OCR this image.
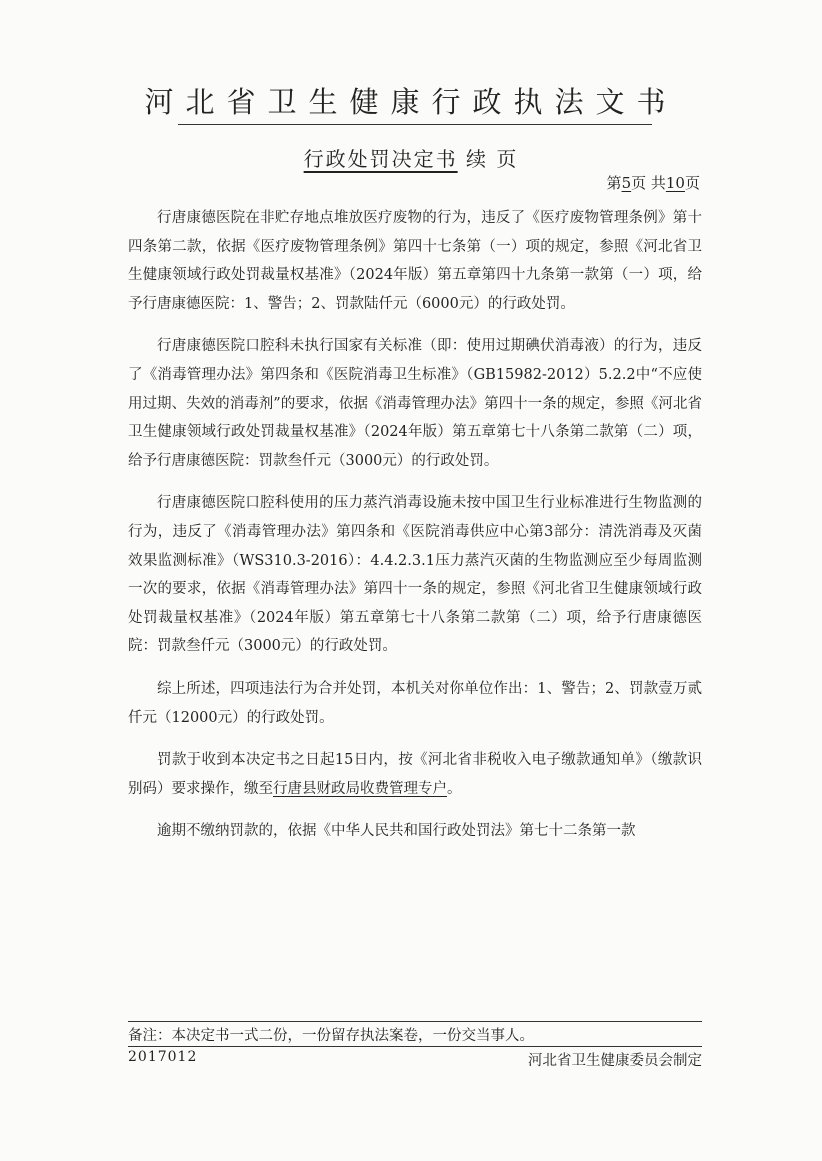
河北省卫生健康行政执法文书
行政处罚决定书 续 页
第5页 共10页

行唐康德医院在非贮存地点堆放医疗废物的行为，违反了《医疗废物管理条例》第十四条第二款，依据《医疗废物管理条例》第四十七条第（一）项的规定，参照《河北省卫生健康领域行政处罚裁量权基准》（2024年版）第五章第四十九条第一款第（一）项，给予行唐康德医院：1、警告；2、罚款陆仟元（6000元）的行政处罚。

行唐康德医院口腔科未执行国家有关标准（即：使用过期碘伏消毒液）的行为，违反了《消毒管理办法》第四条和《医院消毒卫生标准》（GB15982-2012）5.2.2中“不应使用过期、失效的消毒剂”的要求，依据《消毒管理办法》第四十一条的规定，参照《河北省卫生健康领域行政处罚裁量权基准》（2024年版）第五章第七十八条第二款第（二）项，给予行唐康德医院：罚款叁仟元（3000元）的行政处罚。

行唐康德医院口腔科使用的压力蒸汽消毒设施未按中国卫生行业标准进行生物监测的行为，违反了《消毒管理办法》第四条和《医院消毒供应中心第3部分：清洗消毒及灭菌效果监测标准》（WS310.3-2016）：4.4.2.3.1压力蒸汽灭菌的生物监测应至少每周监测一次的要求，依据《消毒管理办法》第四十一条的规定，参照《河北省卫生健康领域行政处罚裁量权基准》（2024年版）第五章第七十八条第二款第（二）项，给予行唐康德医院：罚款叁仟元（3000元）的行政处罚。

综上所述，四项违法行为合并处罚，本机关对你单位作出：1、警告；2、罚款壹万贰仟元（12000元）的行政处罚。

罚款于收到本决定书之日起15日内，按《河北省非税收入电子缴款通知单》（缴款识别码）要求操作，缴至行唐县财政局收费管理专户。

逾期不缴纳罚款的，依据《中华人民共和国行政处罚法》第七十二条第一款

备注：本决定书一式二份，一份留存执法案卷，一份交当事人。
2017012	河北省卫生健康委员会制定
